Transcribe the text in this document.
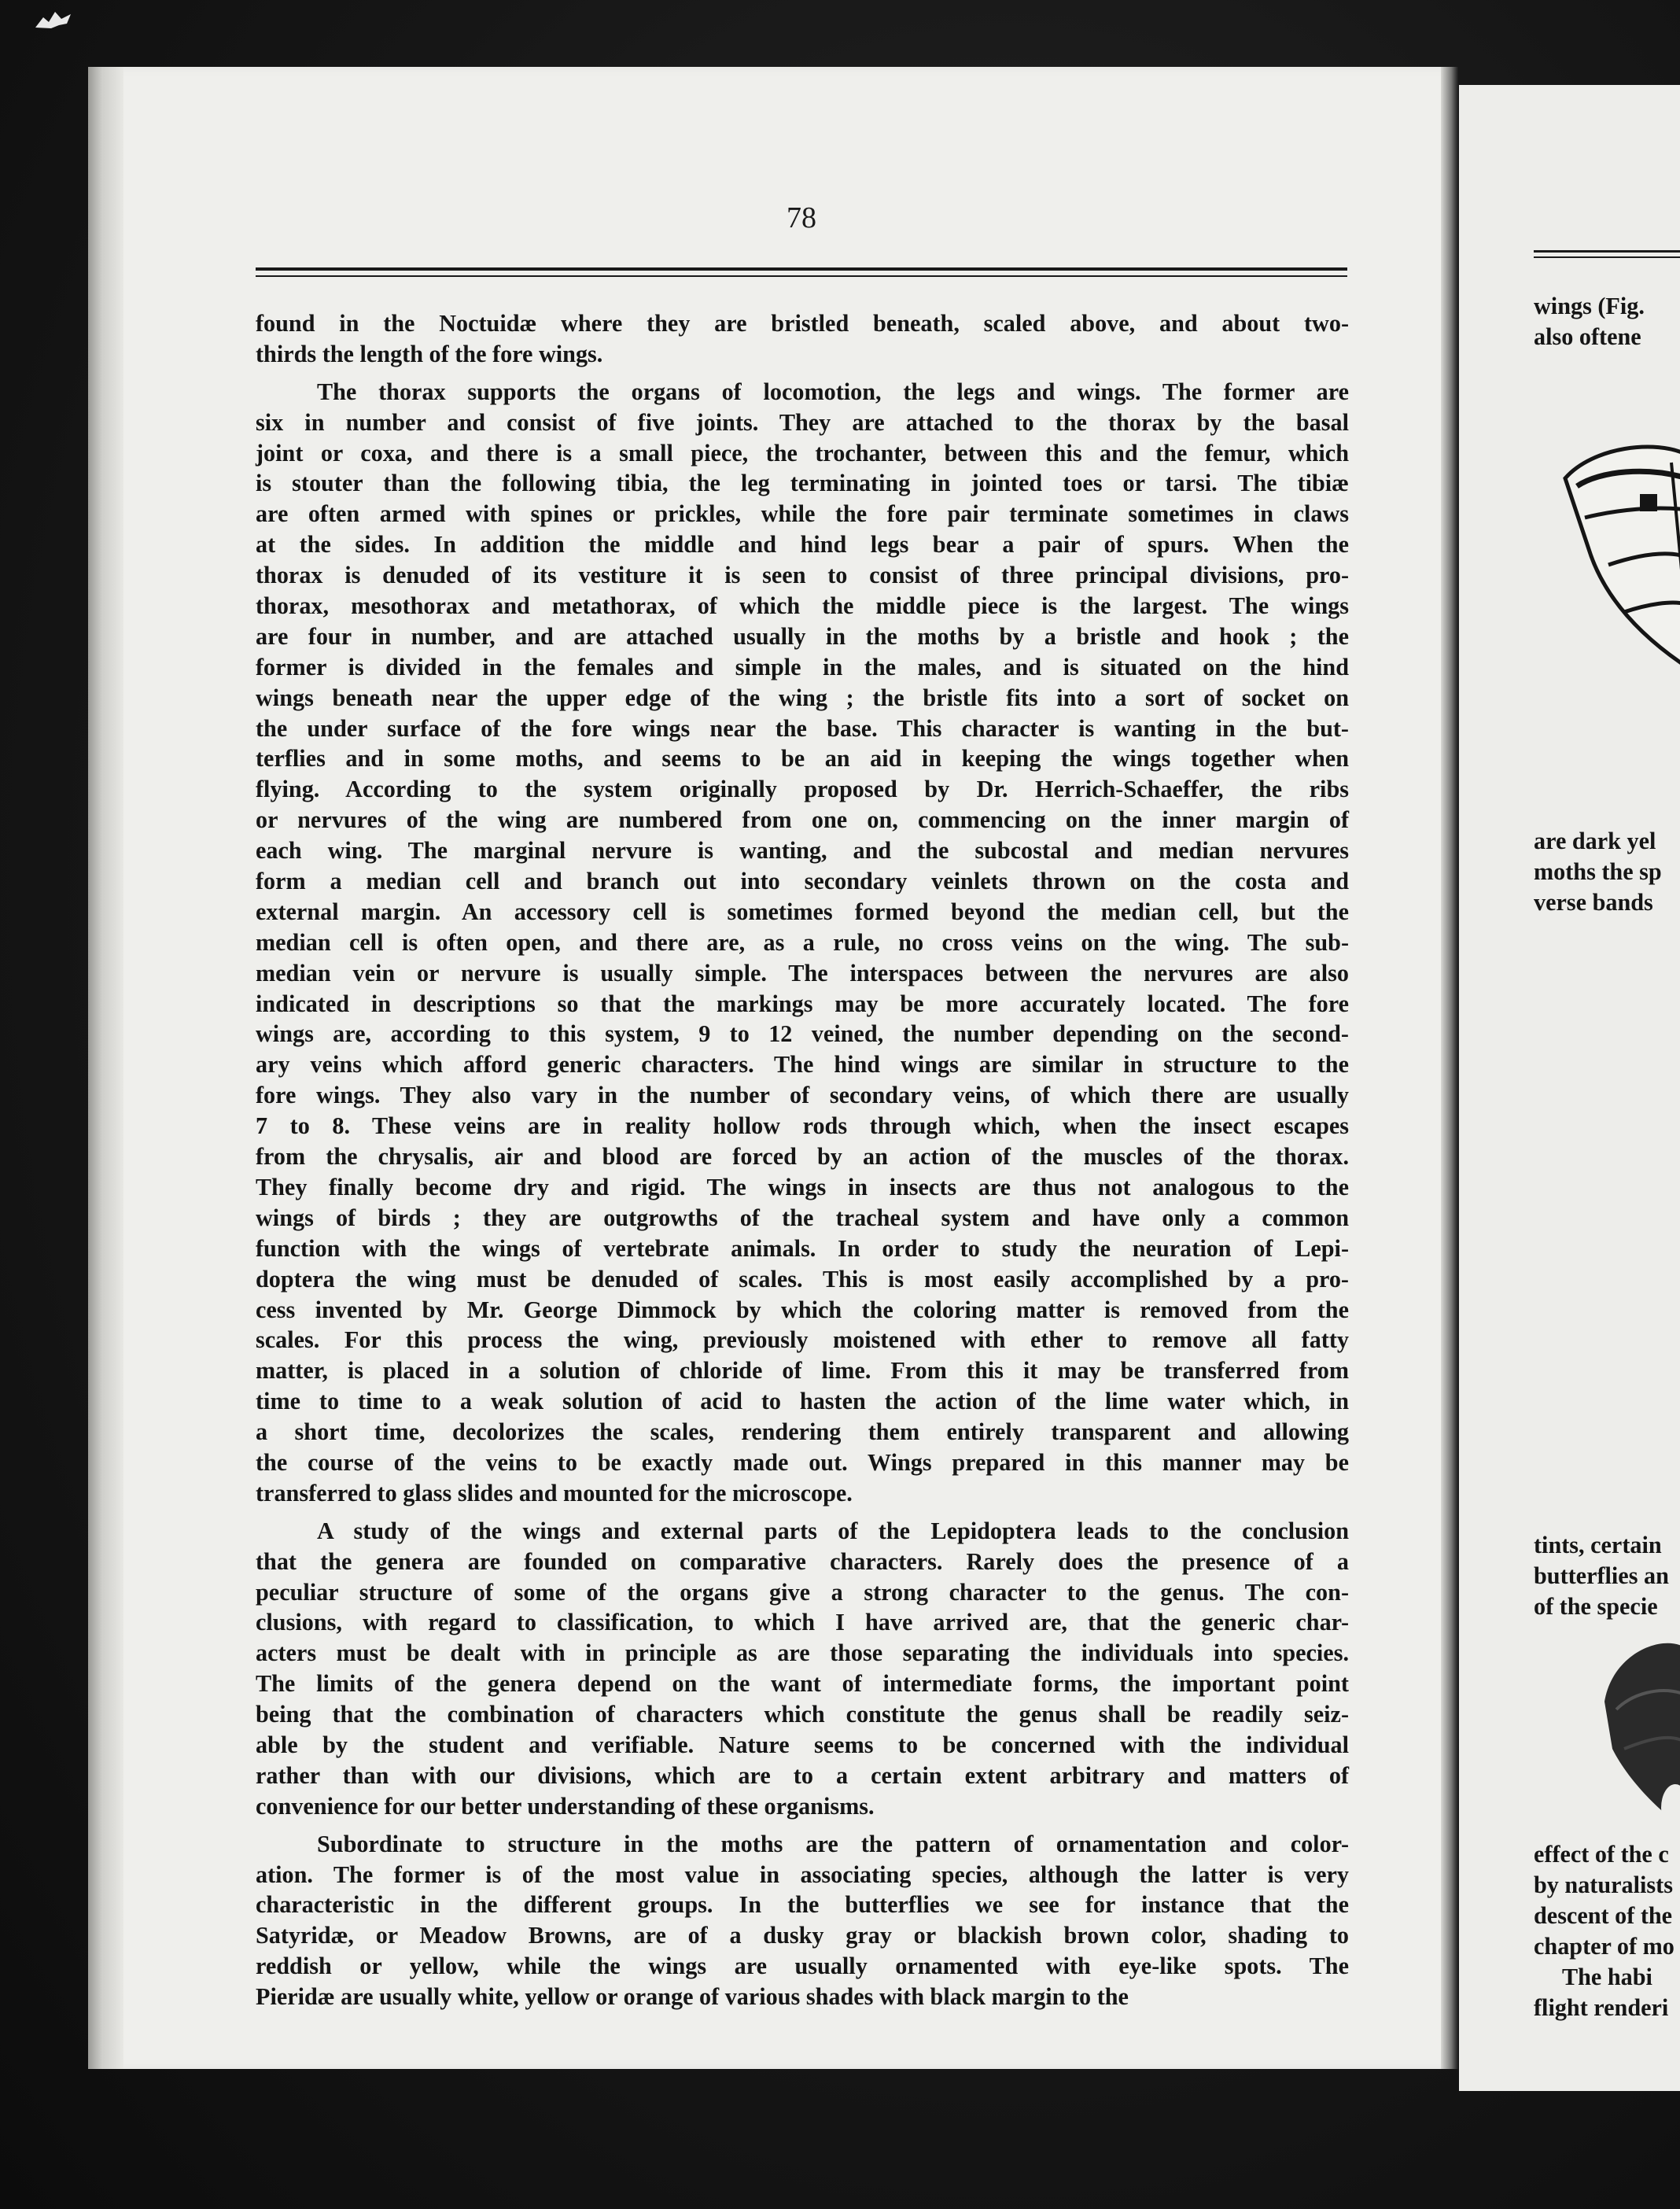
78
found in the Noctuidæ where they are bristled beneath, scaled above, and about two-
thirds the length of the fore wings.
The thorax supports the organs of locomotion, the legs and wings. The former are
six in number and consist of five joints. They are attached to the thorax by the basal
joint or coxa, and there is a small piece, the trochanter, between this and the femur, which
is stouter than the following tibia, the leg terminating in jointed toes or tarsi. The tibiæ
are often armed with spines or prickles, while the fore pair terminate sometimes in claws
at the sides. In addition the middle and hind legs bear a pair of spurs. When the
thorax is denuded of its vestiture it is seen to consist of three principal divisions, pro-
thorax, mesothorax and metathorax, of which the middle piece is the largest. The wings
are four in number, and are attached usually in the moths by a bristle and hook ; the
former is divided in the females and simple in the males, and is situated on the hind
wings beneath near the upper edge of the wing ; the bristle fits into a sort of socket on
the under surface of the fore wings near the base. This character is wanting in the but-
terflies and in some moths, and seems to be an aid in keeping the wings together when
flying. According to the system originally proposed by Dr. Herrich-Schaeffer, the ribs
or nervures of the wing are numbered from one on, commencing on the inner margin of
each wing. The marginal nervure is wanting, and the subcostal and median nervures
form a median cell and branch out into secondary veinlets thrown on the costa and
external margin. An accessory cell is sometimes formed beyond the median cell, but the
median cell is often open, and there are, as a rule, no cross veins on the wing. The sub-
median vein or nervure is usually simple. The interspaces between the nervures are also
indicated in descriptions so that the markings may be more accurately located. The fore
wings are, according to this system, 9 to 12 veined, the number depending on the second-
ary veins which afford generic characters. The hind wings are similar in structure to the
fore wings. They also vary in the number of secondary veins, of which there are usually
7 to 8. These veins are in reality hollow rods through which, when the insect escapes
from the chrysalis, air and blood are forced by an action of the muscles of the thorax.
They finally become dry and rigid. The wings in insects are thus not analogous to the
wings of birds ; they are outgrowths of the tracheal system and have only a common
function with the wings of vertebrate animals. In order to study the neuration of Lepi-
doptera the wing must be denuded of scales. This is most easily accomplished by a pro-
cess invented by Mr. George Dimmock by which the coloring matter is removed from the
scales. For this process the wing, previously moistened with ether to remove all fatty
matter, is placed in a solution of chloride of lime. From this it may be transferred from
time to time to a weak solution of acid to hasten the action of the lime water which, in
a short time, decolorizes the scales, rendering them entirely transparent and allowing
the course of the veins to be exactly made out. Wings prepared in this manner may be
transferred to glass slides and mounted for the microscope.
A study of the wings and external parts of the Lepidoptera leads to the conclusion
that the genera are founded on comparative characters. Rarely does the presence of a
peculiar structure of some of the organs give a strong character to the genus. The con-
clusions, with regard to classification, to which I have arrived are, that the generic char-
acters must be dealt with in principle as are those separating the individuals into species.
The limits of the genera depend on the want of intermediate forms, the important point
being that the combination of characters which constitute the genus shall be readily seiz-
able by the student and verifiable. Nature seems to be concerned with the individual
rather than with our divisions, which are to a certain extent arbitrary and matters of
convenience for our better understanding of these organisms.
Subordinate to structure in the moths are the pattern of ornamentation and color-
ation. The former is of the most value in associating species, although the latter is very
characteristic in the different groups. In the butterflies we see for instance that the
Satyridæ, or Meadow Browns, are of a dusky gray or blackish brown color, shading to
reddish or yellow, while the wings are usually ornamented with eye-like spots. The
Pieridæ are usually white, yellow or orange of various shades with black margin to the
wings (Fig.
also oftene
are dark yel
moths the sp
verse bands
tints, certain
butterflies an
of the specie
effect of the c
by naturalists
descent of the
chapter of mo
The habi
flight renderi
